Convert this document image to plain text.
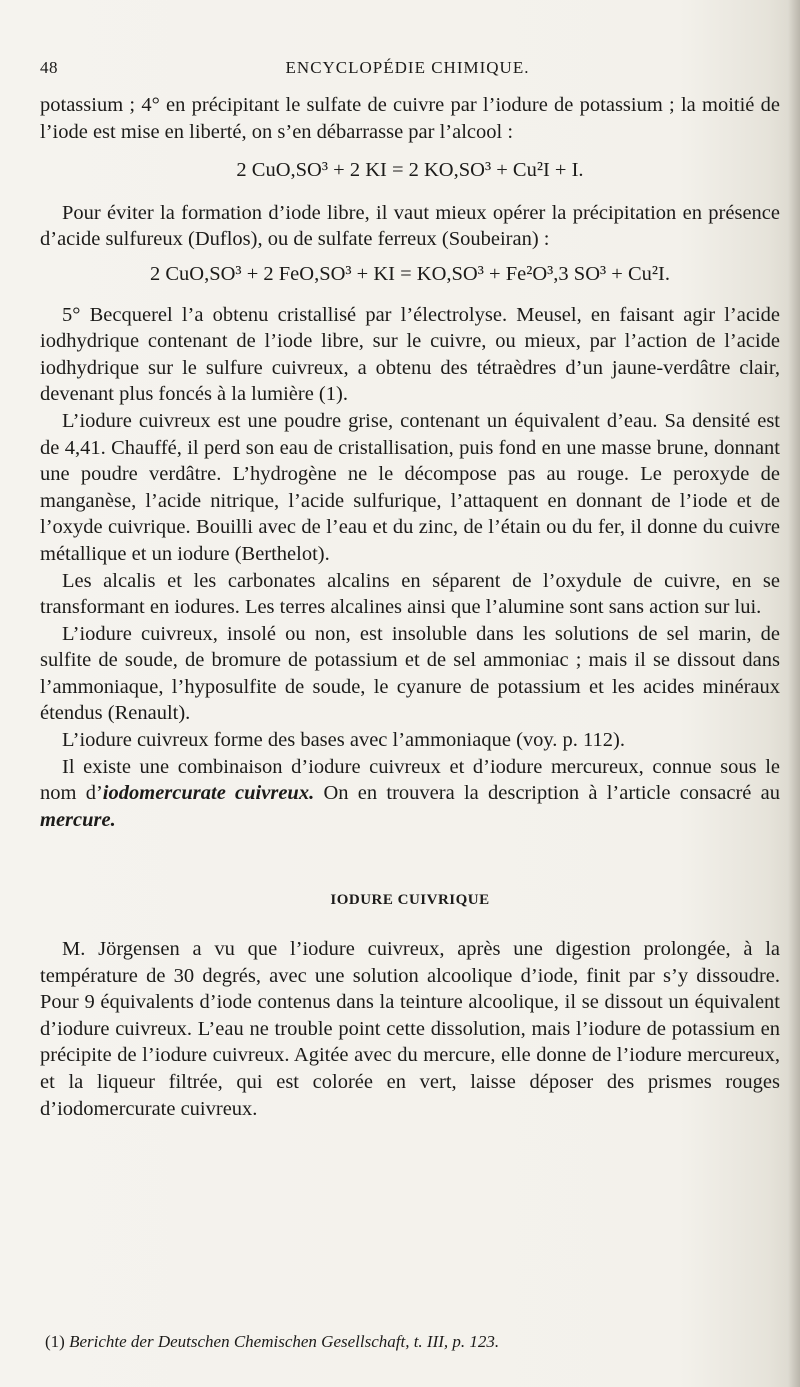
48	ENCYCLOPÉDIE CHIMIQUE.

potassium ; 4° en précipitant le sulfate de cuivre par l’iodure de potassium ; la moitié de l’iode est mise en liberté, on s’en débarrasse par l’alcool :

2 CuO,SO³ + 2 KI = 2 KO,SO³ + Cu²I + I.

Pour éviter la formation d’iode libre, il vaut mieux opérer la précipitation en présence d’acide sulfureux (Duflos), ou de sulfate ferreux (Soubeiran) :

2 CuO,SO³ + 2 FeO,SO³ + KI = KO,SO³ + Fe²O³,3 SO³ + Cu²I.

5° Becquerel l’a obtenu cristallisé par l’électrolyse. Meusel, en faisant agir l’acide iodhydrique contenant de l’iode libre, sur le cuivre, ou mieux, par l’action de l’acide iodhydrique sur le sulfure cuivreux, a obtenu des tétraèdres d’un jaune-verdâtre clair, devenant plus foncés à la lumière (1).

L’iodure cuivreux est une poudre grise, contenant un équivalent d’eau. Sa densité est de 4,41. Chauffé, il perd son eau de cristallisation, puis fond en une masse brune, donnant une poudre verdâtre. L’hydrogène ne le décompose pas au rouge. Le peroxyde de manganèse, l’acide nitrique, l’acide sulfurique, l’attaquent en donnant de l’iode et de l’oxyde cuivrique. Bouilli avec de l’eau et du zinc, de l’étain ou du fer, il donne du cuivre métallique et un iodure (Berthelot).

Les alcalis et les carbonates alcalins en séparent de l’oxydule de cuivre, en se transformant en iodures. Les terres alcalines ainsi que l’alumine sont sans action sur lui.

L’iodure cuivreux, insolé ou non, est insoluble dans les solutions de sel marin, de sulfite de soude, de bromure de potassium et de sel ammoniac ; mais il se dissout dans l’ammoniaque, l’hyposulfite de soude, le cyanure de potassium et les acides minéraux étendus (Renault).

L’iodure cuivreux forme des bases avec l’ammoniaque (voy. p. 112).

Il existe une combinaison d’iodure cuivreux et d’iodure mercureux, connue sous le nom d’iodomercurate cuivreux. On en trouvera la description à l’article consacré au mercure.

IODURE CUIVRIQUE

M. Jörgensen a vu que l’iodure cuivreux, après une digestion prolongée, à la température de 30 degrés, avec une solution alcoolique d’iode, finit par s’y dissoudre. Pour 9 équivalents d’iode contenus dans la teinture alcoolique, il se dissout un équivalent d’iodure cuivreux. L’eau ne trouble point cette dissolution, mais l’iodure de potassium en précipite de l’iodure cuivreux. Agitée avec du mercure, elle donne de l’iodure mercureux, et la liqueur filtrée, qui est colorée en vert, laisse déposer des prismes rouges d’iodomercurate cuivreux.

(1) Berichte der Deutschen Chemischen Gesellschaft, t. III, p. 123.
